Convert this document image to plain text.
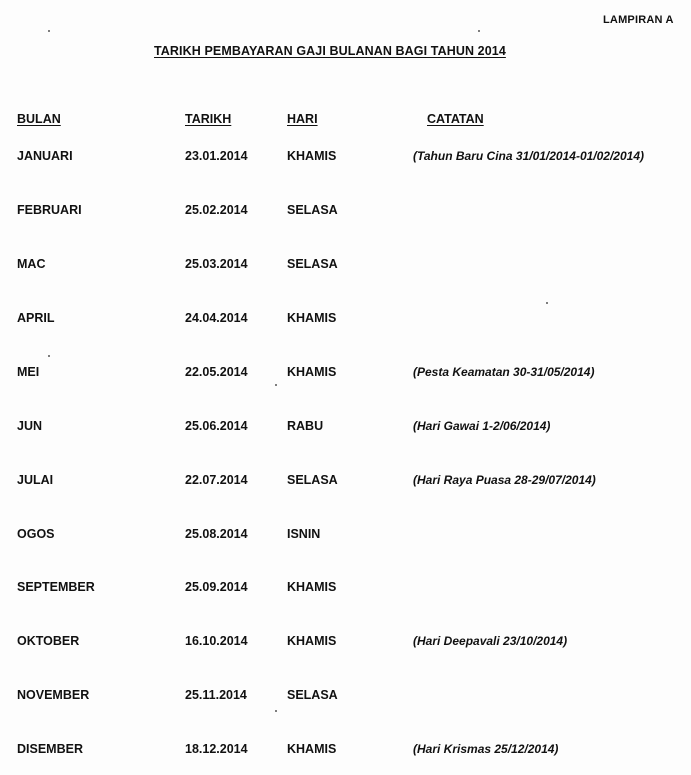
LAMPIRAN A
TARIKH PEMBAYARAN GAJI BULANAN BAGI TAHUN 2014
BULAN	TARIKH	HARI	CATATAN
JANUARI	23.01.2014	KHAMIS	(Tahun Baru Cina 31/01/2014-01/02/2014)
FEBRUARI	25.02.2014	SELASA
MAC	25.03.2014	SELASA
APRIL	24.04.2014	KHAMIS
MEI	22.05.2014	KHAMIS	(Pesta Keamatan 30-31/05/2014)
JUN	25.06.2014	RABU	(Hari Gawai 1-2/06/2014)
JULAI	22.07.2014	SELASA	(Hari Raya Puasa 28-29/07/2014)
OGOS	25.08.2014	ISNIN
SEPTEMBER	25.09.2014	KHAMIS
OKTOBER	16.10.2014	KHAMIS	(Hari Deepavali 23/10/2014)
NOVEMBER	25.11.2014	SELASA
DISEMBER	18.12.2014	KHAMIS	(Hari Krismas 25/12/2014)
